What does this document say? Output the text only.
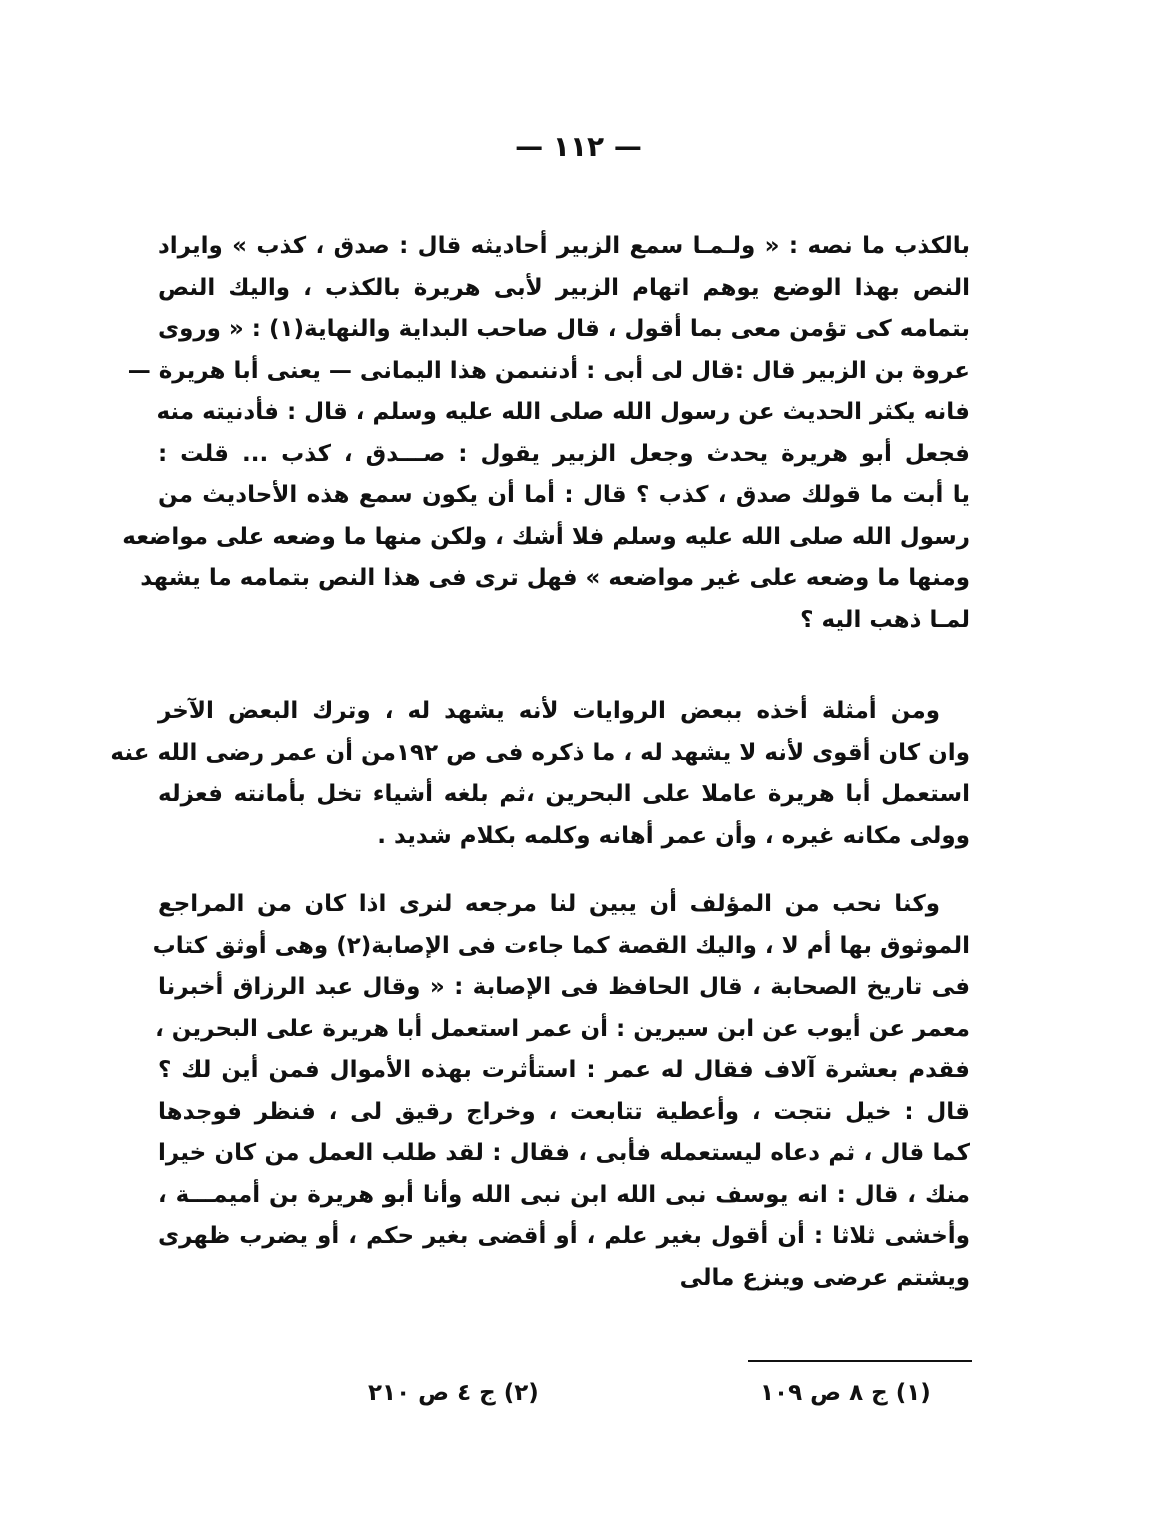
— ١١٢ —
بالكذب ما نصه : « ولـمـا سمع الزبير أحاديثه قال : صدق ، كذب » وايراد
النص بهذا الوضع يوهم اتهام الزبير لأبى هريرة بالكذب ، واليك النص
بتمامه كى تؤمن معى بما أقول ، قال صاحب البداية والنهاية(١) : « وروى
عروة بن الزبير قال :قال لى أبى : أدننىمن هذا اليمانى — يعنى أبا هريرة —
فانه يكثر الحديث عن رسول الله صلى الله عليه وسلم ، قال : فأدنيته منه
فجعل أبو هريرة يحدث وجعل الزبير يقول : صـــدق ، كذب ... قلت :
يا أبت ما قولك صدق ، كذب ؟ قال : أما أن يكون سمع هذه الأحاديث من
رسول الله صلى الله عليه وسلم فلا أشك ، ولكن منها ما وضعه على مواضعه
ومنها ما وضعه على غير مواضعه » فهل ترى فى هذا النص بتمامه ما يشهد
لمـا ذهب اليه ؟
ومن أمثلة أخذه ببعض الروايات لأنه يشهد له ، وترك البعض الآخر
وان كان أقوى لأنه لا يشهد له ، ما ذكره فى ص ١٩٢من أن عمر رضى الله عنه
استعمل أبا هريرة عاملا على البحرين ،ثم بلغه أشياء تخل بأمانته فعزله
وولى مكانه غيره ، وأن عمر أهانه وكلمه بكلام شديد .
وكنا نحب من المؤلف أن يبين لنا مرجعه لنرى اذا كان من المراجع
الموثوق بها أم لا ، واليك القصة كما جاءت فى الإصابة(٢) وهى أوثق كتاب
فى تاريخ الصحابة ، قال الحافظ فى الإصابة : « وقال عبد الرزاق أخبرنا
معمر عن أيوب عن ابن سيرين : أن عمر استعمل أبا هريرة على البحرين ،
فقدم بعشرة آلاف فقال له عمر : استأثرت بهذه الأموال فمن أين لك ؟
قال : خيل نتجت ، وأعطية تتابعت ، وخراج رقيق لى ، فنظر فوجدها
كما قال ، ثم دعاه ليستعمله فأبى ، فقال : لقد طلب العمل من كان خيرا
منك ، قال : انه يوسف نبى الله ابن نبى الله وأنا أبو هريرة بن أميمـــة ،
وأخشى ثلاثا : أن أقول بغير علم ، أو أقضى بغير حكم ، أو يضرب ظهرى
ويشتم عرضى وينزع مالى
(١) ج ٨ ص ١٠٩
(٢) ج ٤ ص ٢١٠
